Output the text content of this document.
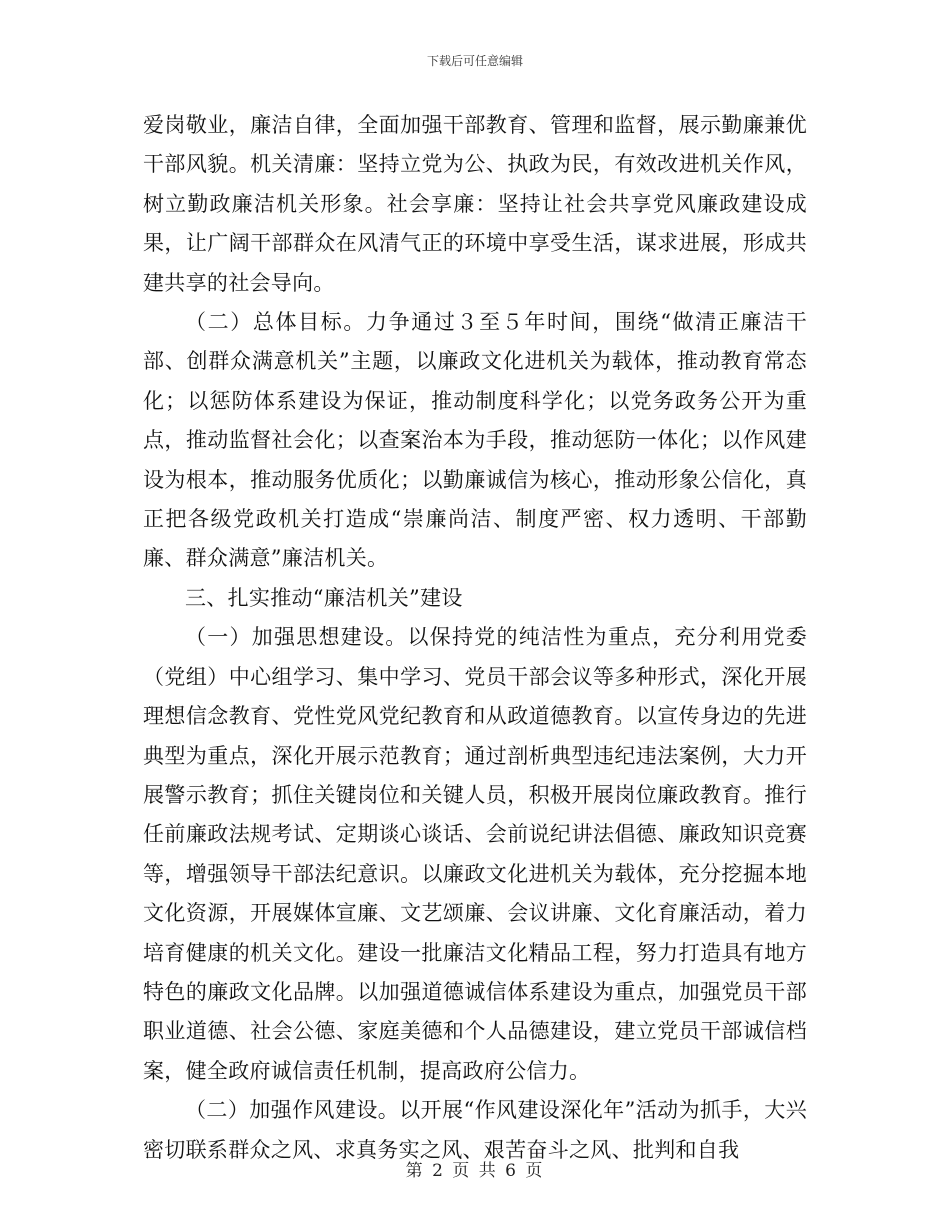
下载后可任意编辑

爱岗敬业，廉洁自律，全面加强干部教育、管理和监督，展示勤廉兼优干部风貌。机关清廉：坚持立党为公、执政为民，有效改进机关作风，树立勤政廉洁机关形象。社会享廉：坚持让社会共享党风廉政建设成果，让广阔干部群众在风清气正的环境中享受生活，谋求进展，形成共建共享的社会导向。

（二）总体目标。力争通过３至５年时间，围绕“做清正廉洁干部、创群众满意机关”主题，以廉政文化进机关为载体，推动教育常态化；以惩防体系建设为保证，推动制度科学化；以党务政务公开为重点，推动监督社会化；以查案治本为手段，推动惩防一体化；以作风建设为根本，推动服务优质化；以勤廉诚信为核心，推动形象公信化，真正把各级党政机关打造成“崇廉尚洁、制度严密、权力透明、干部勤廉、群众满意”廉洁机关。

三、扎实推动“廉洁机关”建设

（一）加强思想建设。以保持党的纯洁性为重点，充分利用党委（党组）中心组学习、集中学习、党员干部会议等多种形式，深化开展理想信念教育、党性党风党纪教育和从政道德教育。以宣传身边的先进典型为重点，深化开展示范教育；通过剖析典型违纪违法案例，大力开展警示教育；抓住关键岗位和关键人员，积极开展岗位廉政教育。推行任前廉政法规考试、定期谈心谈话、会前说纪讲法倡德、廉政知识竞赛等，增强领导干部法纪意识。以廉政文化进机关为载体，充分挖掘本地文化资源，开展媒体宣廉、文艺颂廉、会议讲廉、文化育廉活动，着力培育健康的机关文化。建设一批廉洁文化精品工程，努力打造具有地方特色的廉政文化品牌。以加强道德诚信体系建设为重点，加强党员干部职业道德、社会公德、家庭美德和个人品德建设，建立党员干部诚信档案，健全政府诚信责任机制，提高政府公信力。

（二）加强作风建设。以开展“作风建设深化年”活动为抓手，大兴密切联系群众之风、求真务实之风、艰苦奋斗之风、批判和自我

第 2 页 共 6 页
